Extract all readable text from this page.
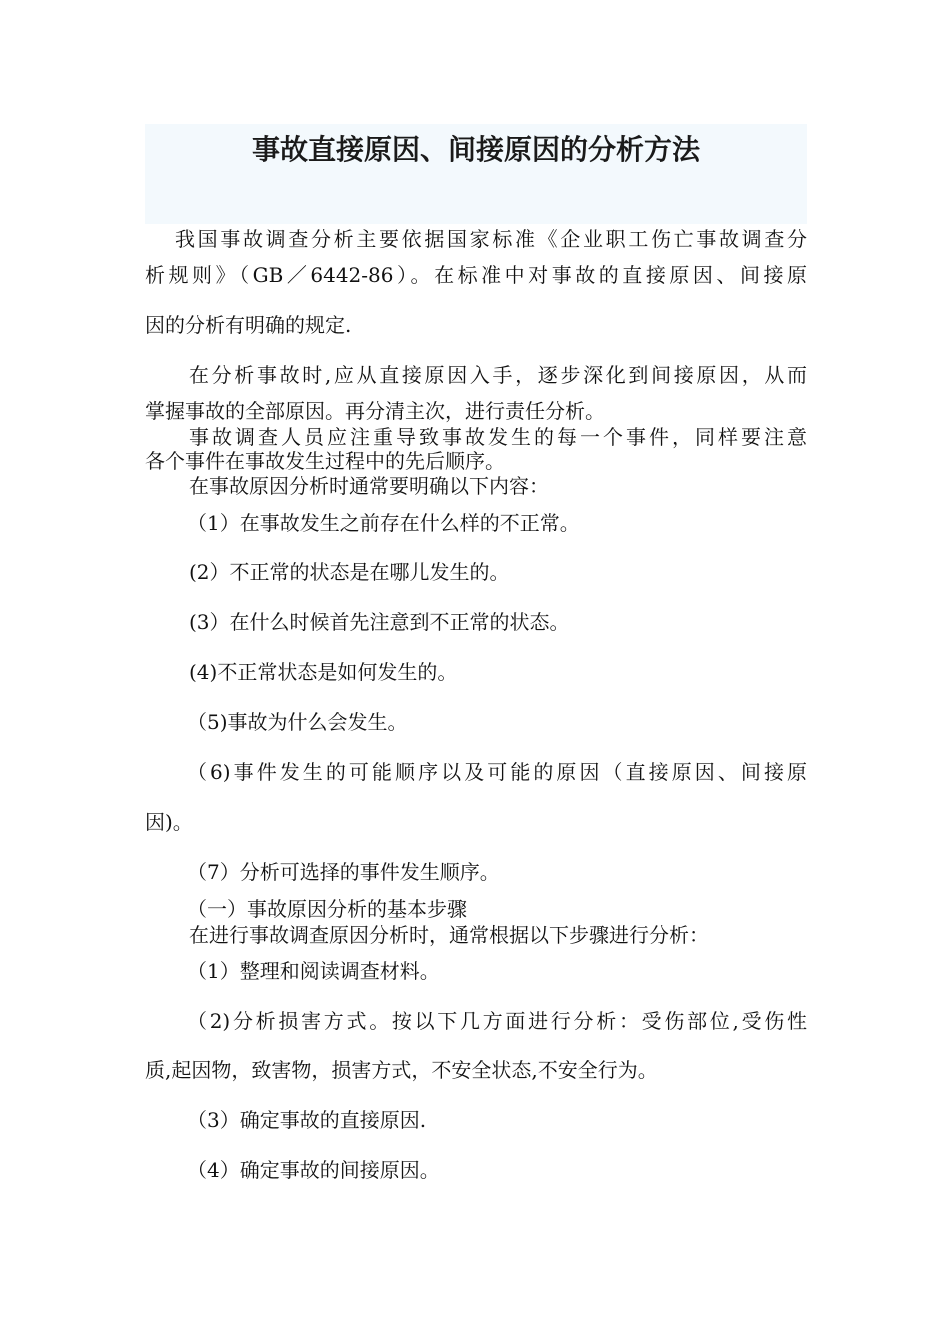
事故直接原因、间接原因的分析方法
我国事故调查分析主要依据国家标准《企业职工伤亡事故调查分
析规则》（GB／6442-86）。在标准中对事故的直接原因、间接原
因的分析有明确的规定.
在分析事故时,应从直接原因入手，逐步深化到间接原因，从而
掌握事故的全部原因。再分清主次，进行责任分析。
事故调查人员应注重导致事故发生的每一个事件，同样要注意
各个事件在事故发生过程中的先后顺序。
在事故原因分析时通常要明确以下内容：
（1）在事故发生之前存在什么样的不正常。
(2）不正常的状态是在哪儿发生的。
(3）在什么时候首先注意到不正常的状态。
(4)不正常状态是如何发生的。
（5)事故为什么会发生。
（6)事件发生的可能顺序以及可能的原因（直接原因、间接原
因)。
（7）分析可选择的事件发生顺序。
（一）事故原因分析的基本步骤
在进行事故调查原因分析时，通常根据以下步骤进行分析：
（1）整理和阅读调查材料。
（2)分析损害方式。按以下几方面进行分析：受伤部位,受伤性
质,起因物，致害物，损害方式，不安全状态,不安全行为。
（3）确定事故的直接原因.
（4）确定事故的间接原因。
